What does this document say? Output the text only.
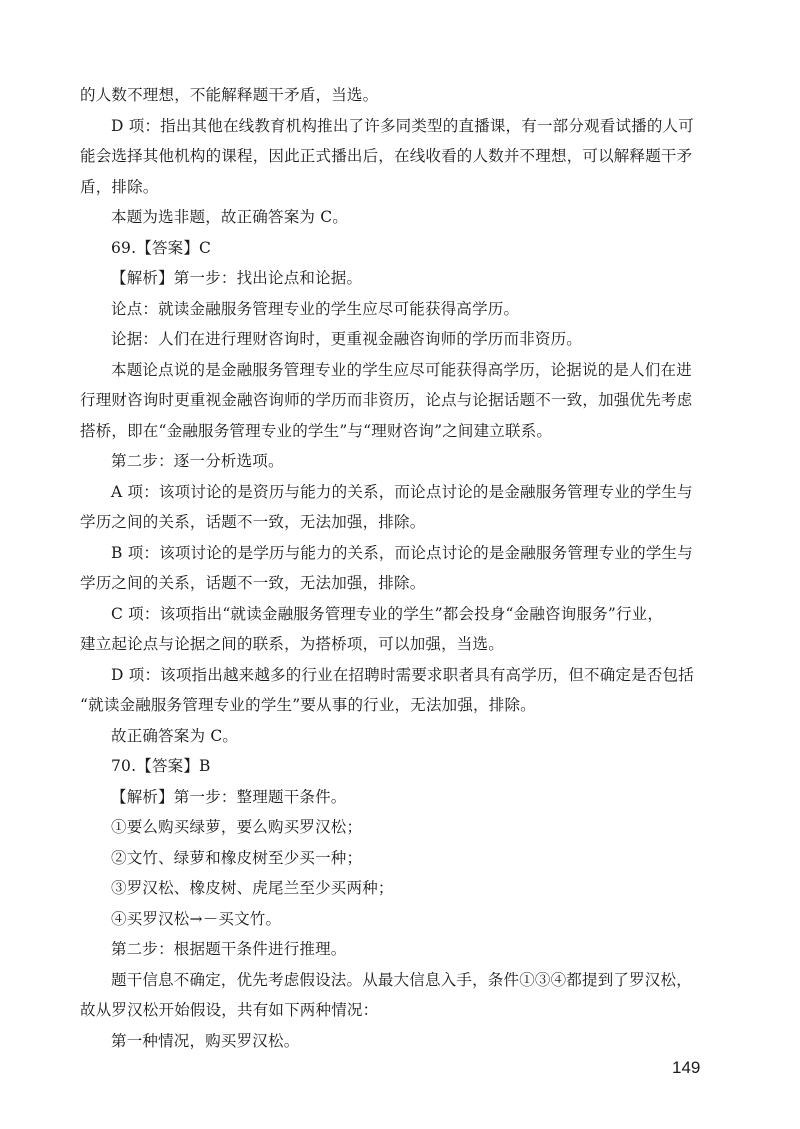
的人数不理想，不能解释题干矛盾，当选。
D 项：指出其他在线教育机构推出了许多同类型的直播课，有一部分观看试播的人可
能会选择其他机构的课程，因此正式播出后，在线收看的人数并不理想，可以解释题干矛
盾，排除。
本题为选非题，故正确答案为 C。
69.【答案】C
【解析】第一步：找出论点和论据。
论点：就读金融服务管理专业的学生应尽可能获得高学历。
论据：人们在进行理财咨询时，更重视金融咨询师的学历而非资历。
本题论点说的是金融服务管理专业的学生应尽可能获得高学历，论据说的是人们在进
行理财咨询时更重视金融咨询师的学历而非资历，论点与论据话题不一致，加强优先考虑
搭桥，即在“金融服务管理专业的学生”与“理财咨询”之间建立联系。
第二步：逐一分析选项。
A 项：该项讨论的是资历与能力的关系，而论点讨论的是金融服务管理专业的学生与
学历之间的关系，话题不一致，无法加强，排除。
B 项：该项讨论的是学历与能力的关系，而论点讨论的是金融服务管理专业的学生与
学历之间的关系，话题不一致，无法加强，排除。
C 项：该项指出“就读金融服务管理专业的学生”都会投身“金融咨询服务”行业，
建立起论点与论据之间的联系，为搭桥项，可以加强，当选。
D 项：该项指出越来越多的行业在招聘时需要求职者具有高学历，但不确定是否包括
“就读金融服务管理专业的学生”要从事的行业，无法加强，排除。
故正确答案为 C。
70.【答案】B
【解析】第一步：整理题干条件。
①要么购买绿萝，要么购买罗汉松；
②文竹、绿萝和橡皮树至少买一种；
③罗汉松、橡皮树、虎尾兰至少买两种；
④买罗汉松→－买文竹。
第二步：根据题干条件进行推理。
题干信息不确定，优先考虑假设法。从最大信息入手，条件①③④都提到了罗汉松，
故从罗汉松开始假设，共有如下两种情况：
第一种情况，购买罗汉松。
149
